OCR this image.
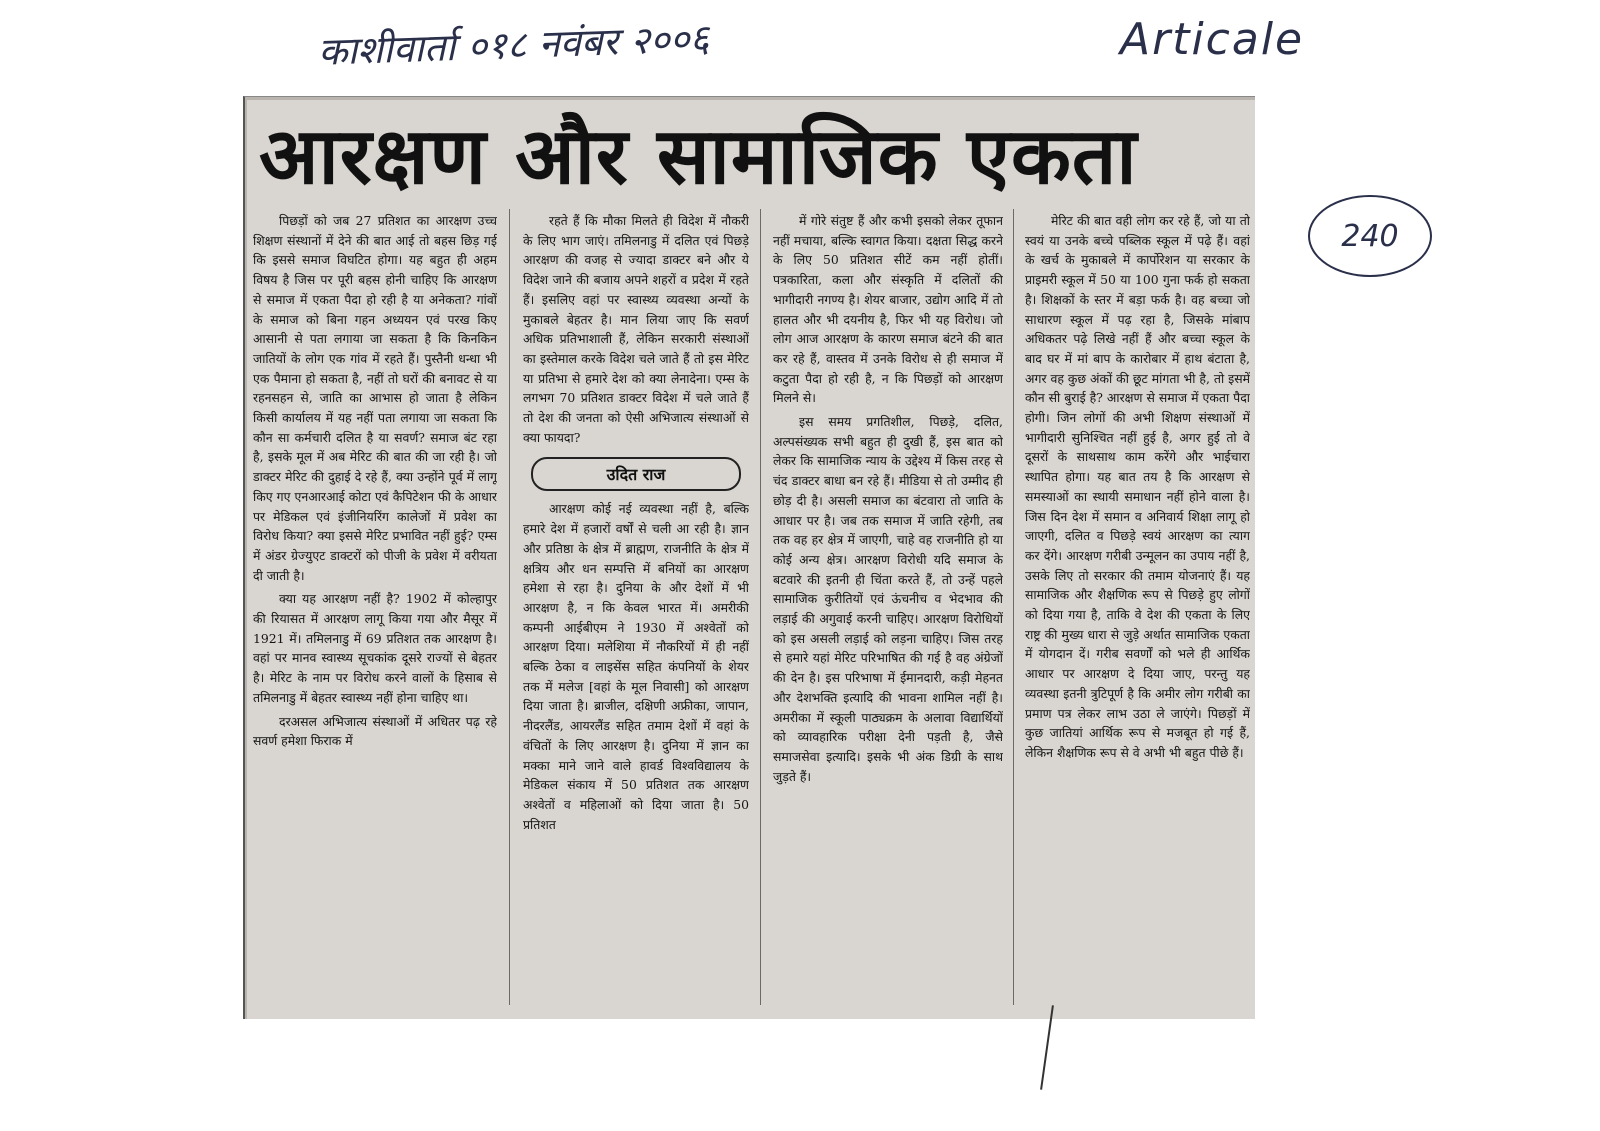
काशीवार्ता ०१८ नवंबर २००६	Articale
240
आरक्षण और सामाजिक एकता

पिछड़ों को जब 27 प्रतिशत का आरक्षण उच्च शिक्षण संस्थानों में देने की बात आई तो बहस छिड़ गई कि इससे समाज विघटित होगा। यह बहुत ही अहम विषय है जिस पर पूरी बहस होनी चाहिए कि आरक्षण से समाज में एकता पैदा हो रही है या अनेकता? गांवों के समाज को बिना गहन अध्ययन एवं परख किए आसानी से पता लगाया जा सकता है कि किनकिन जातियों के लोग एक गांव में रहते हैं। पुस्तैनी धन्धा भी एक पैमाना हो सकता है, नहीं तो घरों की बनावट से या रहनसहन से, जाति का आभास हो जाता है लेकिन किसी कार्यालय में यह नहीं पता लगाया जा सकता कि कौन सा कर्मचारी दलित है या सवर्ण? समाज बंट रहा है, इसके मूल में अब मेरिट की बात की जा रही है। जो डाक्टर मेरिट की दुहाई दे रहे हैं, क्या उन्होंने पूर्व में लागू किए गए एनआरआई कोटा एवं कैपिटेशन फी के आधार पर मेडिकल एवं इंजीनियरिंग कालेजों में प्रवेश का विरोध किया? क्या इससे मेरिट प्रभावित नहीं हुई? एम्स में अंडर ग्रेज्युएट डाक्टरों को पीजी के प्रवेश में वरीयता दी जाती है।

क्या यह आरक्षण नहीं है? 1902 में कोल्हापुर की रियासत में आरक्षण लागू किया गया और मैसूर में 1921 में। तमिलनाडु में 69 प्रतिशत तक आरक्षण है। वहां पर मानव स्वास्थ्य सूचकांक दूसरे राज्यों से बेहतर है। मेरिट के नाम पर विरोध करने वालों के हिसाब से तमिलनाडु में बेहतर स्वास्थ्य नहीं होना चाहिए था।

दरअसल अभिजात्य संस्थाओं में अधितर पढ़ रहे सवर्ण हमेशा फिराक में

रहते हैं कि मौका मिलते ही विदेश में नौकरी के लिए भाग जाएं। तमिलनाडु में दलित एवं पिछड़े आरक्षण की वजह से ज्यादा डाक्टर बने और ये विदेश जाने की बजाय अपने शहरों व प्रदेश में रहते हैं। इसलिए वहां पर स्वास्थ्य व्यवस्था अन्यों के मुकाबले बेहतर है। मान लिया जाए कि सवर्ण अधिक प्रतिभाशाली हैं, लेकिन सरकारी संस्थाओं का इस्तेमाल करके विदेश चले जाते हैं तो इस मेरिट या प्रतिभा से हमारे देश को क्या लेनादेना। एम्स के लगभग 70 प्रतिशत डाक्टर विदेश में चले जाते हैं तो देश की जनता को ऐसी अभिजात्य संस्थाओं से क्या फायदा?

उदित राज

आरक्षण कोई नई व्यवस्था नहीं है, बल्कि हमारे देश में हजारों वर्षों से चली आ रही है। ज्ञान और प्रतिष्ठा के क्षेत्र में ब्राह्मण, राजनीति के क्षेत्र में क्षत्रिय और धन सम्पत्ति में बनियों का आरक्षण हमेशा से रहा है। दुनिया के और देशों में भी आरक्षण है, न कि केवल भारत में। अमरीकी कम्पनी आईबीएम ने 1930 में अश्वेतों को आरक्षण दिया। मलेशिया में नौकरियों में ही नहीं बल्कि ठेका व लाइसेंस सहित कंपनियों के शेयर तक में मलेज [वहां के मूल निवासी] को आरक्षण दिया जाता है। ब्राजील, दक्षिणी अफ्रीका, जापान, नीदरलैंड, आयरलैंड सहित तमाम देशों में वहां के वंचितों के लिए आरक्षण है। दुनिया में ज्ञान का मक्का माने जाने वाले हावर्ड विश्वविद्यालय के मेडिकल संकाय में 50 प्रतिशत तक आरक्षण अश्वेतों व महिलाओं को दिया जाता है। 50 प्रतिशत

में गोरे संतुष्ट हैं और कभी इसको लेकर तूफान नहीं मचाया, बल्कि स्वागत किया। दक्षता सिद्ध करने के लिए 50 प्रतिशत सीटें कम नहीं होतीं। पत्रकारिता, कला और संस्कृति में दलितों की भागीदारी नगण्य है। शेयर बाजार, उद्योग आदि में तो हालत और भी दयनीय है, फिर भी यह विरोध। जो लोग आज आरक्षण के कारण समाज बंटने की बात कर रहे हैं, वास्तव में उनके विरोध से ही समाज में कटुता पैदा हो रही है, न कि पिछड़ों को आरक्षण मिलने से।

इस समय प्रगतिशील, पिछड़े, दलित, अल्पसंख्यक सभी बहुत ही दुखी हैं, इस बात को लेकर कि सामाजिक न्याय के उद्देश्य में किस तरह से चंद डाक्टर बाधा बन रहे हैं। मीडिया से तो उम्मीद ही छोड़ दी है। असली समाज का बंटवारा तो जाति के आधार पर है। जब तक समाज में जाति रहेगी, तब तक वह हर क्षेत्र में जाएगी, चाहे वह राजनीति हो या कोई अन्य क्षेत्र। आरक्षण विरोधी यदि समाज के बटवारे की इतनी ही चिंता करते हैं, तो उन्हें पहले सामाजिक कुरीतियों एवं ऊंचनीच व भेदभाव की लड़ाई की अगुवाई करनी चाहिए। आरक्षण विरोधियों को इस असली लड़ाई को लड़ना चाहिए। जिस तरह से हमारे यहां मेरिट परिभाषित की गई है वह अंग्रेजों की देन है। इस परिभाषा में ईमानदारी, कड़ी मेहनत और देशभक्ति इत्यादि की भावना शामिल नहीं है। अमरीका में स्कूली पाठ्यक्रम के अलावा विद्यार्थियों को व्यावहारिक परीक्षा देनी पड़ती है, जैसे समाजसेवा इत्यादि। इसके भी अंक डिग्री के साथ जुड़ते हैं।

मेरिट की बात वही लोग कर रहे हैं, जो या तो स्वयं या उनके बच्चे पब्लिक स्कूल में पढ़े हैं। वहां के खर्च के मुकाबले में कार्पोरेशन या सरकार के प्राइमरी स्कूल में 50 या 100 गुना फर्क हो सकता है। शिक्षकों के स्तर में बड़ा फर्क है। वह बच्चा जो साधारण स्कूल में पढ़ रहा है, जिसके मांबाप अधिकतर पढ़े लिखे नहीं हैं और बच्चा स्कूल के बाद घर में मां बाप के कारोबार में हाथ बंटाता है, अगर वह कुछ अंकों की छूट मांगता भी है, तो इसमें कौन सी बुराई है? आरक्षण से समाज में एकता पैदा होगी। जिन लोगों की अभी शिक्षण संस्थाओं में भागीदारी सुनिश्चित नहीं हुई है, अगर हुई तो वे दूसरों के साथसाथ काम करेंगे और भाईचारा स्थापित होगा। यह बात तय है कि आरक्षण से समस्याओं का स्थायी समाधान नहीं होने वाला है। जिस दिन देश में समान व अनिवार्य शिक्षा लागू हो जाएगी, दलित व पिछड़े स्वयं आरक्षण का त्याग कर देंगे। आरक्षण गरीबी उन्मूलन का उपाय नहीं है, उसके लिए तो सरकार की तमाम योजनाएं हैं। यह सामाजिक और शैक्षणिक रूप से पिछड़े हुए लोगों को दिया गया है, ताकि वे देश की एकता के लिए राष्ट्र की मुख्य धारा से जुड़े अर्थात सामाजिक एकता में योगदान दें। गरीब सवर्णों को भले ही आर्थिक आधार पर आरक्षण दे दिया जाए, परन्तु यह व्यवस्था इतनी त्रुटिपूर्ण है कि अमीर लोग गरीबी का प्रमाण पत्र लेकर लाभ उठा ले जाएंगे। पिछड़ों में कुछ जातियां आर्थिक रूप से मजबूत हो गई हैं, लेकिन शैक्षणिक रूप से वे अभी भी बहुत पीछे हैं।
